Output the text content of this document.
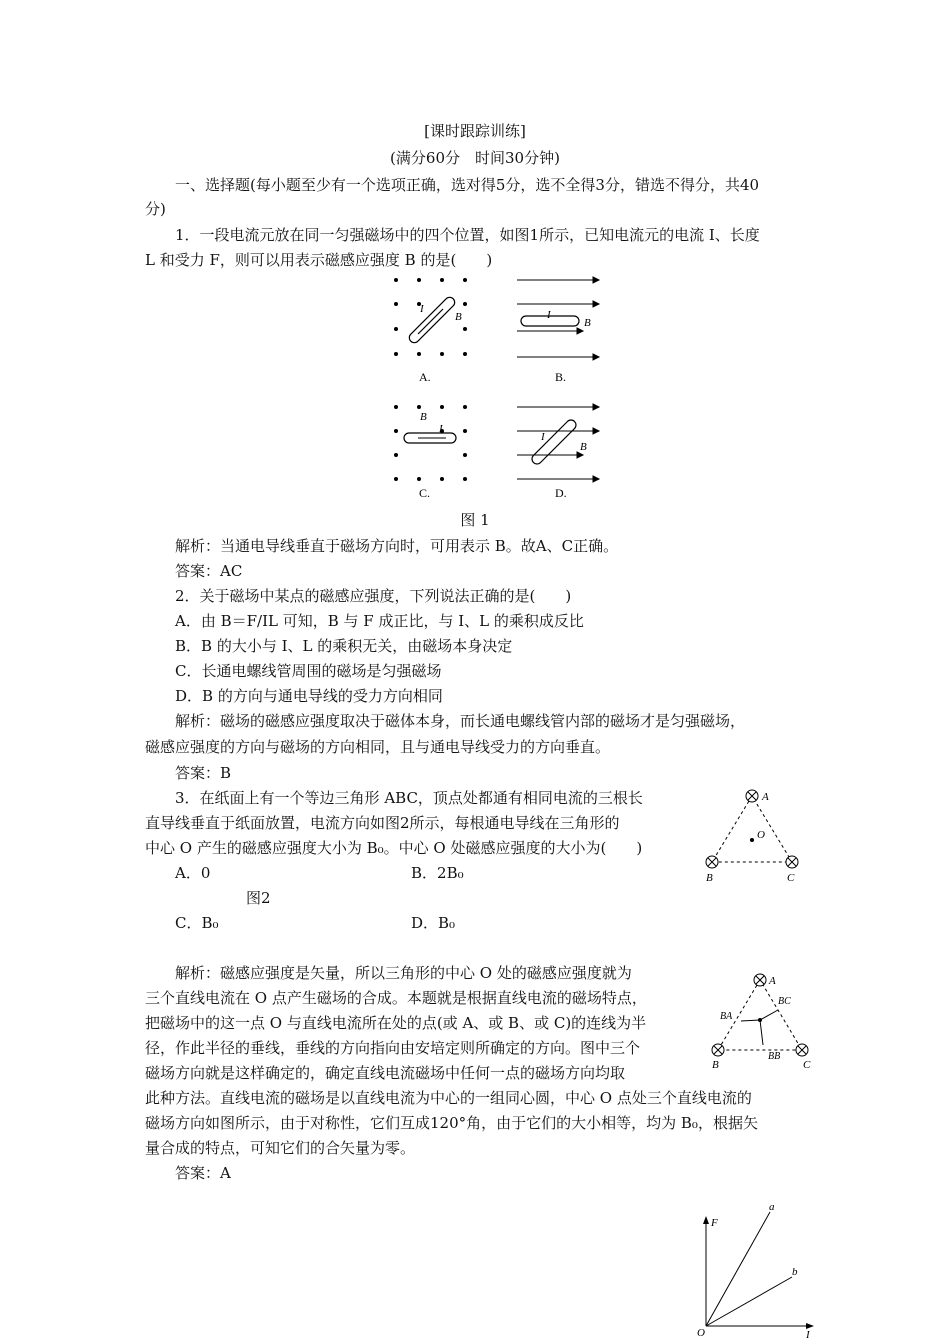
[课时跟踪训练]
(满分60分　时间30分钟)
一、选择题(每小题至少有一个选项正确，选对得5分，选不全得3分，错选不得分，共40
分)
1．一段电流元放在同一匀强磁场中的四个位置，如图1所示，已知电流元的电流 I、长度
L 和受力 F，则可以用表示磁感应强度 B 的是(　　)
I
B	I
B
A.	B.
B
I
I
B
C.	D.
图 1
解析：当通电导线垂直于磁场方向时，可用表示 B。故A、C正确。
答案：AC
2．关于磁场中某点的磁感应强度，下列说法正确的是(　　)
A．由 B＝F/IL 可知，B 与 F 成正比，与 I、L 的乘积成反比
B．B 的大小与 I、L 的乘积无关，由磁场本身决定
C．长通电螺线管周围的磁场是匀强磁场
D．B 的方向与通电导线的受力方向相同
解析：磁场的磁感应强度取决于磁体本身，而长通电螺线管内部的磁场才是匀强磁场，
磁感应强度的方向与磁场的方向相同，且与通电导线受力的方向垂直。
答案：B
3．在纸面上有一个等边三角形 ABC，顶点处都通有相同电流的三根长
直导线垂直于纸面放置，电流方向如图2所示，每根通电导线在三角形的
中心 O 产生的磁感应强度大小为 B₀。中心 O 处磁感应强度的大小为(　　)
A．0	B．2B₀
图2
C．B₀	D．B₀
A
O
B	C
解析：磁感应强度是矢量，所以三角形的中心 O 处的磁感应强度就为
三个直线电流在 O 点产生磁场的合成。本题就是根据直线电流的磁场特点，
把磁场中的这一点 O 与直线电流所在处的点(或 A、或 B、或 C)的连线为半
径，作此半径的垂线，垂线的方向指向由安培定则所确定的方向。图中三个
磁场方向就是这样确定的，确定直线电流磁场中任何一点的磁场方向均取
此种方法。直线电流的磁场是以直线电流为中心的一组同心圆，中心 O 点处三个直线电流的
磁场方向如图所示，由于对称性，它们互成120°角，由于它们的大小相等，均为 B₀，根据矢
量合成的特点，可知它们的合矢量为零。
答案：A
A
BC
BA
BB
B	C
F
a
b
O	I
